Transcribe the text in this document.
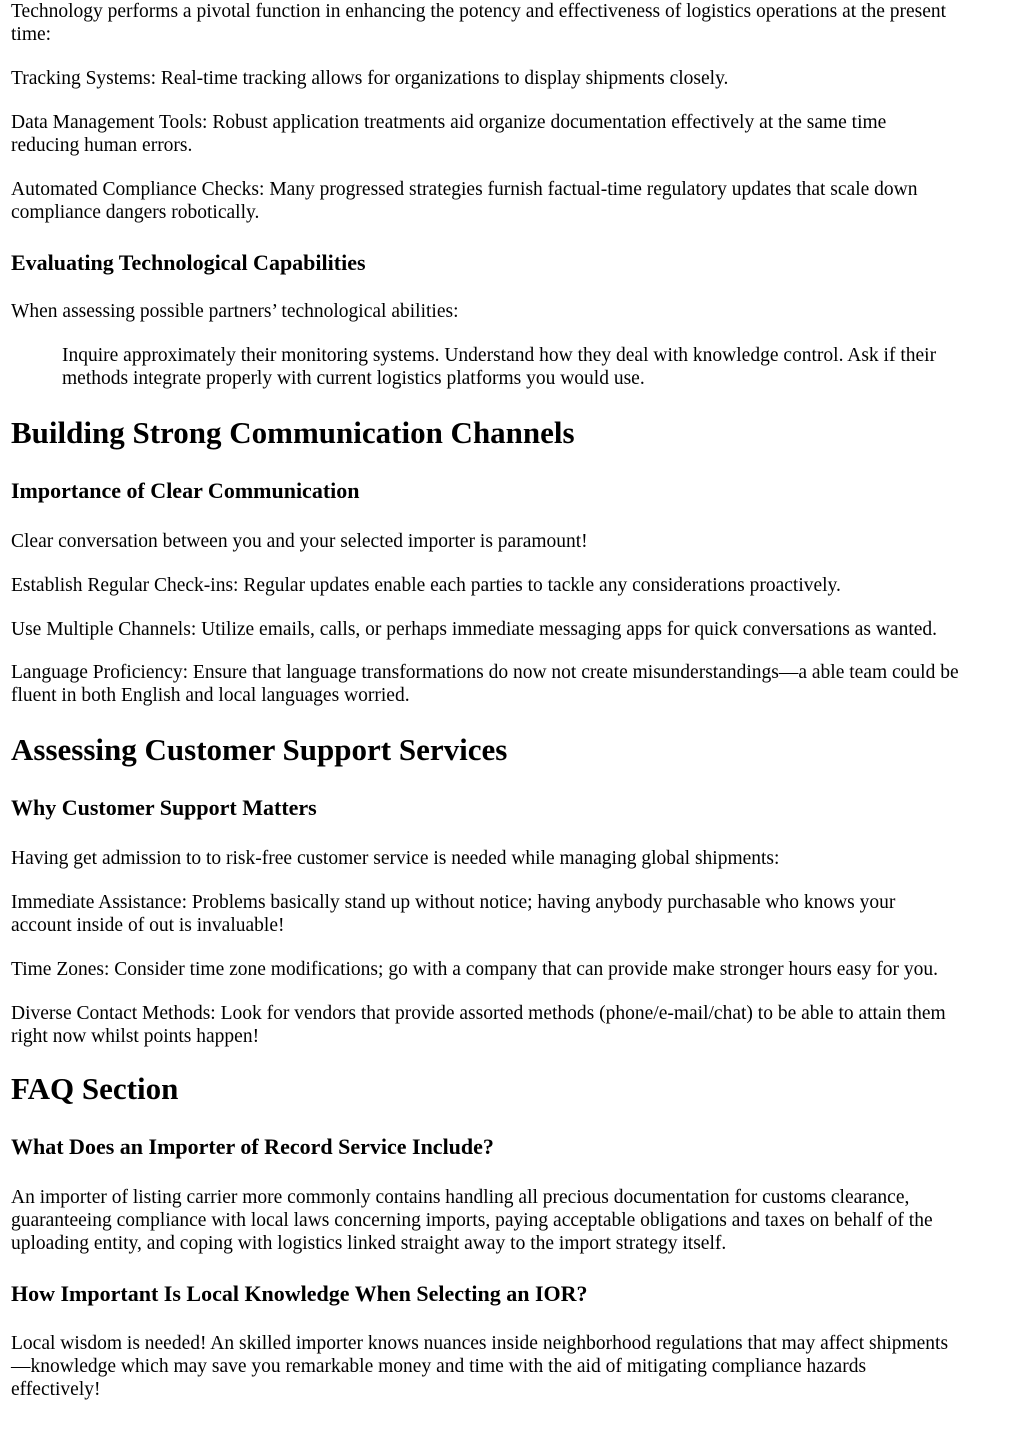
Technology performs a pivotal function in enhancing the potency and effectiveness of logistics operations at the present
time:

Tracking Systems: Real-time tracking allows for organizations to display shipments closely.

Data Management Tools: Robust application treatments aid organize documentation effectively at the same time
reducing human errors.

Automated Compliance Checks: Many progressed strategies furnish factual-time regulatory updates that scale down
compliance dangers robotically.

Evaluating Technological Capabilities

When assessing possible partners’ technological abilities:

Inquire approximately their monitoring systems. Understand how they deal with knowledge control. Ask if their
methods integrate properly with current logistics platforms you would use.
Building Strong Communication Channels
Importance of Clear Communication

Clear conversation between you and your selected importer is paramount!

Establish Regular Check-ins: Regular updates enable each parties to tackle any considerations proactively.

Use Multiple Channels: Utilize emails, calls, or perhaps immediate messaging apps for quick conversations as wanted.

Language Proficiency: Ensure that language transformations do now not create misunderstandings—a able team could be
fluent in both English and local languages worried.

Assessing Customer Support Services
Why Customer Support Matters

Having get admission to to risk-free customer service is needed while managing global shipments:

Immediate Assistance: Problems basically stand up without notice; having anybody purchasable who knows your
account inside of out is invaluable!

Time Zones: Consider time zone modifications; go with a company that can provide make stronger hours easy for you.

Diverse Contact Methods: Look for vendors that provide assorted methods (phone/e-mail/chat) to be able to attain them
right now whilst points happen!

FAQ Section
What Does an Importer of Record Service Include?

An importer of listing carrier more commonly contains handling all precious documentation for customs clearance,
guaranteeing compliance with local laws concerning imports, paying acceptable obligations and taxes on behalf of the
uploading entity, and coping with logistics linked straight away to the import strategy itself.

How Important Is Local Knowledge When Selecting an IOR?

Local wisdom is needed! An skilled importer knows nuances inside neighborhood regulations that may affect shipments
—knowledge which may save you remarkable money and time with the aid of mitigating compliance hazards
effectively!
